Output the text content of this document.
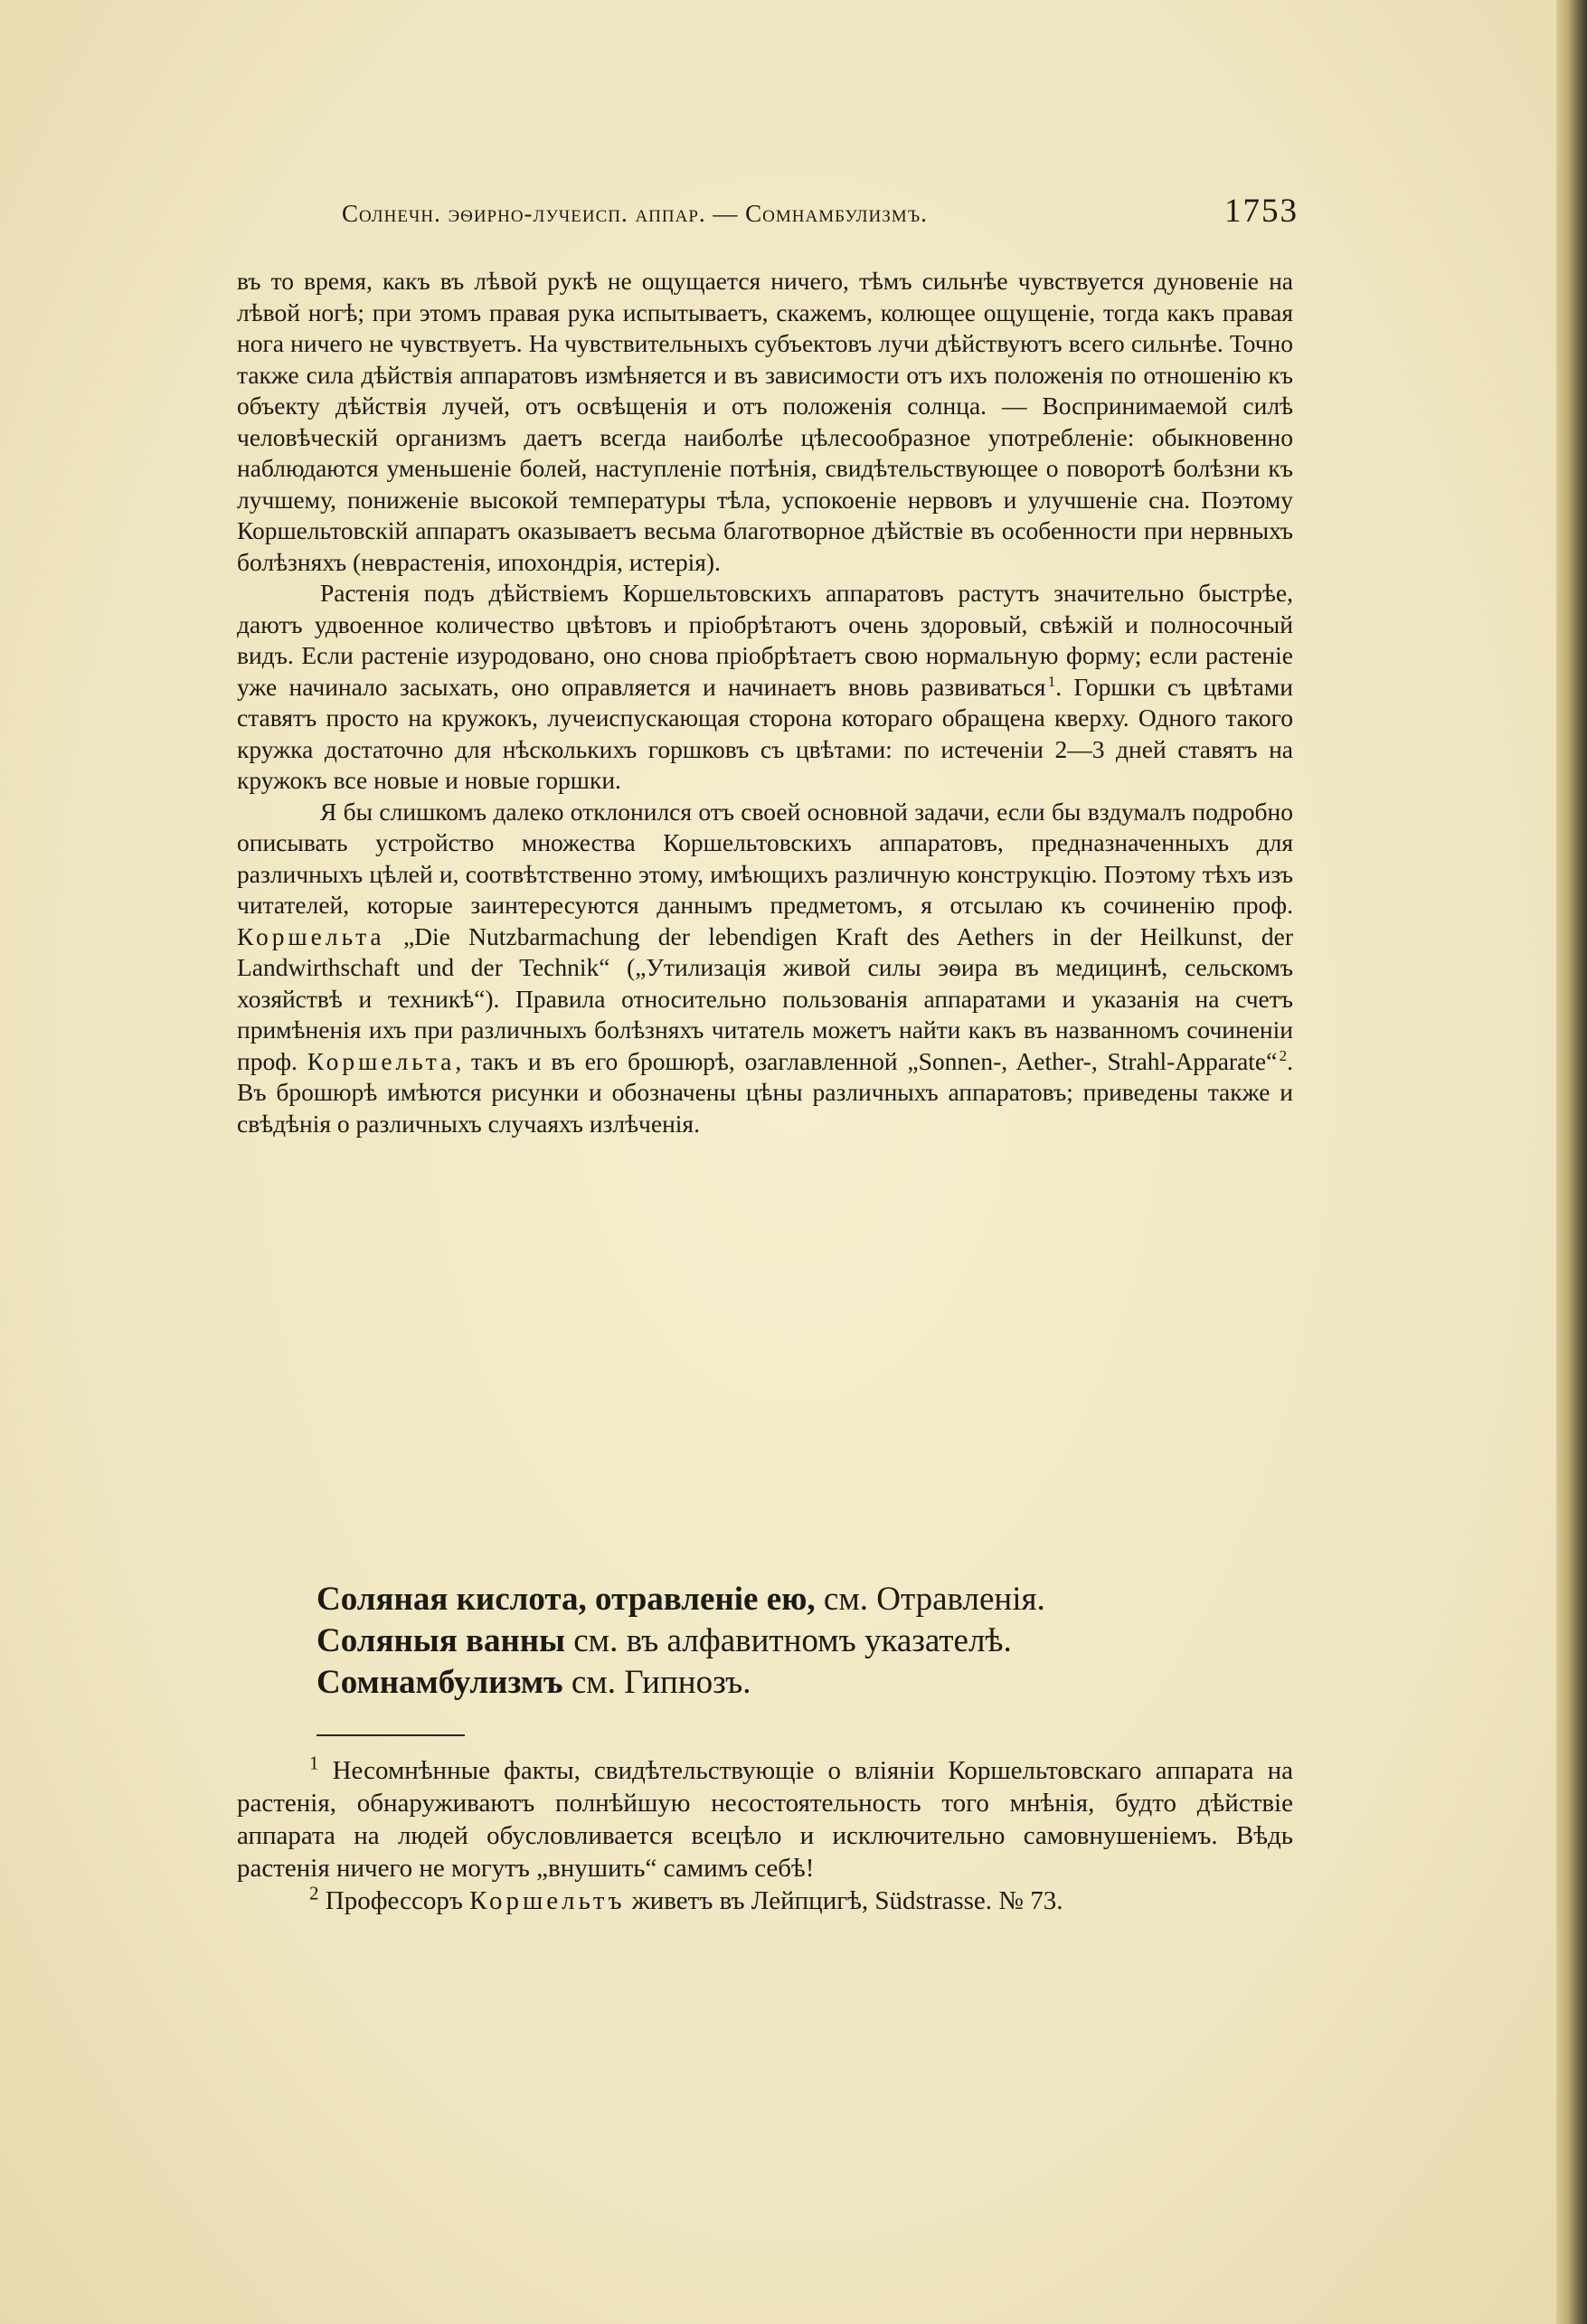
Солнечн. эѳирно-лучеисп. аппар. — Сомнамбулизмъ.	1753

въ то время, какъ въ лѣвой рукѣ не ощущается ничего, тѣмъ сильнѣе чувствуется дуновеніе на лѣвой ногѣ; при этомъ правая рука испытываетъ, скажемъ, колющее ощущеніе, тогда какъ правая нога ничего не чувствуетъ. На чувствительныхъ субъектовъ лучи дѣйствуютъ всего сильнѣе. Точно также сила дѣйствія аппаратовъ измѣняется и въ зависимости отъ ихъ положенія по отношенію къ объекту дѣйствія лучей, отъ освѣщенія и отъ положенія солнца. — Воспринимаемой силѣ человѣческій организмъ даетъ всегда наиболѣе цѣлесообразное употребленіе: обыкновенно наблюдаются уменьшеніе болей, наступленіе потѣнія, свидѣтельствующее о поворотѣ болѣзни къ лучшему, пониженіе высокой температуры тѣла, успокоеніе нервовъ и улучшеніе сна. Поэтому Коршельтовскій аппаратъ оказываетъ весьма благотворное дѣйствіе въ особенности при нервныхъ болѣзняхъ (неврастенія, ипохондрія, истерія).

Растенія подъ дѣйствіемъ Коршельтовскихъ аппаратовъ растутъ значительно быстрѣе, даютъ удвоенное количество цвѣтовъ и пріобрѣтаютъ очень здоровый, свѣжій и полносочный видъ. Если растеніе изуродовано, оно снова пріобрѣтаетъ свою нормальную форму; если растеніе уже начинало засыхать, оно оправляется и начинаетъ вновь развиваться  $^1$. Горшки съ цвѣтами ставятъ просто на кружокъ, лучеиспускающая сторона котораго обращена кверху. Одного такого кружка достаточно для нѣсколькихъ горшковъ съ цвѣтами: по истеченіи 2—3 дней ставятъ на кружокъ все новые и новые горшки.

Я бы слишкомъ далеко отклонился отъ своей основной задачи, если бы вздумалъ подробно описывать устройство множества Коршельтовскихъ аппаратовъ, предназначенныхъ для различныхъ цѣлей и, соотвѣтственно этому, имѣющихъ различную конструкцію. Поэтому тѣхъ изъ читателей, которые заинтересуются даннымъ предметомъ, я отсылаю къ сочиненію проф. Коршельта „Die Nutzbarmachung der lebendigen Kraft des Aethers in der Heilkunst, der Landwirthschaft und der Technik“ („Утилизація живой силы эѳира въ медицинѣ, сельскомъ хозяйствѣ и техникѣ“). Правила относительно пользованія аппаратами и указанія на счетъ примѣненія ихъ при различныхъ болѣзняхъ читатель можетъ найти какъ въ названномъ сочиненіи проф. Коршельта, такъ и въ его брошюрѣ, озаглавленной „Sonnen-, Aether-, Strahl-Apparate“  $^2$. Въ брошюрѣ имѣются рисунки и обозначены цѣны различныхъ аппаратовъ; приведены также и свѣдѣнія о различныхъ случаяхъ излѣченія.

Соляная кислота, отравленіе ею, см. Отравленія.
Соляныя ванны см. въ алфавитномъ указателѣ.
Сомнамбулизмъ см. Гипнозъ.

$^1$ Несомнѣнные факты, свидѣтельствующіе о вліяніи Коршельтовскаго аппарата на растенія, обнаруживаютъ полнѣйшую несостоятельность того мнѣнія, будто дѣйствіе аппарата на людей обусловливается всецѣло и исключительно самовнушеніемъ. Вѣдь растенія ничего не могутъ „внушить“ самимъ себѣ!

$^2$ Профессоръ Коршельтъ живетъ въ Лейпцигѣ, Südstrasse. № 73.
